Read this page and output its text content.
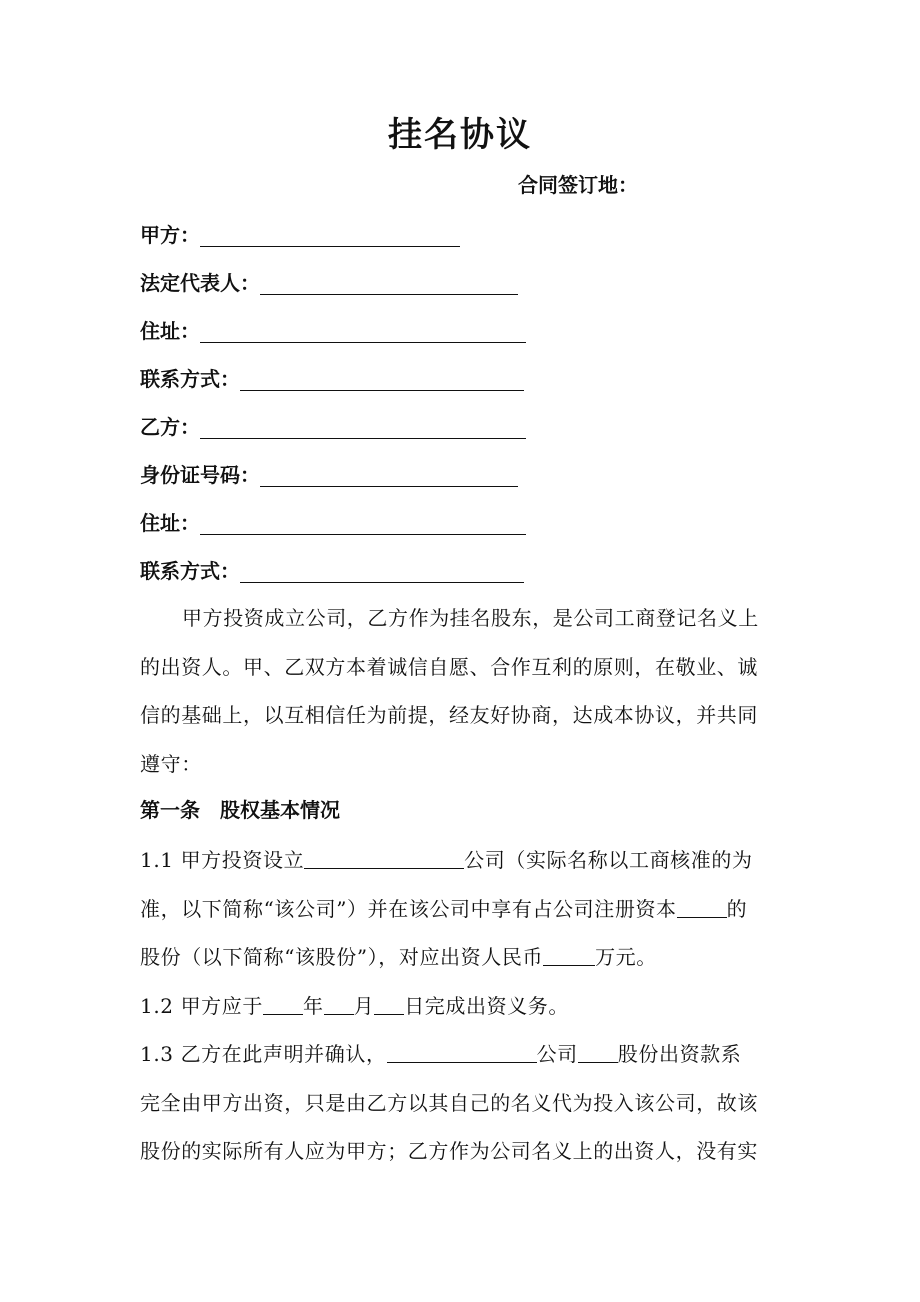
挂名协议
合同签订地：
甲方：
法定代表人：
住址：
联系方式：
乙方：
身份证号码：
住址：
联系方式：
甲方投资成立公司，乙方作为挂名股东，是公司工商登记名义上
的出资人。甲、乙双方本着诚信自愿、合作互利的原则，在敬业、诚
信的基础上，以互相信任为前提，经友好协商，达成本协议，并共同
遵守：
第一条　股权基本情况
1.1 甲方投资设立	公司（实际名称以工商核准的为
准，以下简称“该公司”）并在该公司中享有占公司注册资本	的
股份（以下简称“该股份”），对应出资人民币	万元。
1.2 甲方应于 年 月 日完成出资义务。
1.3 乙方在此声明并确认，	公司 股份出资款系
完全由甲方出资，只是由乙方以其自己的名义代为投入该公司，故该
股份的实际所有人应为甲方；乙方作为公司名义上的出资人，没有实
